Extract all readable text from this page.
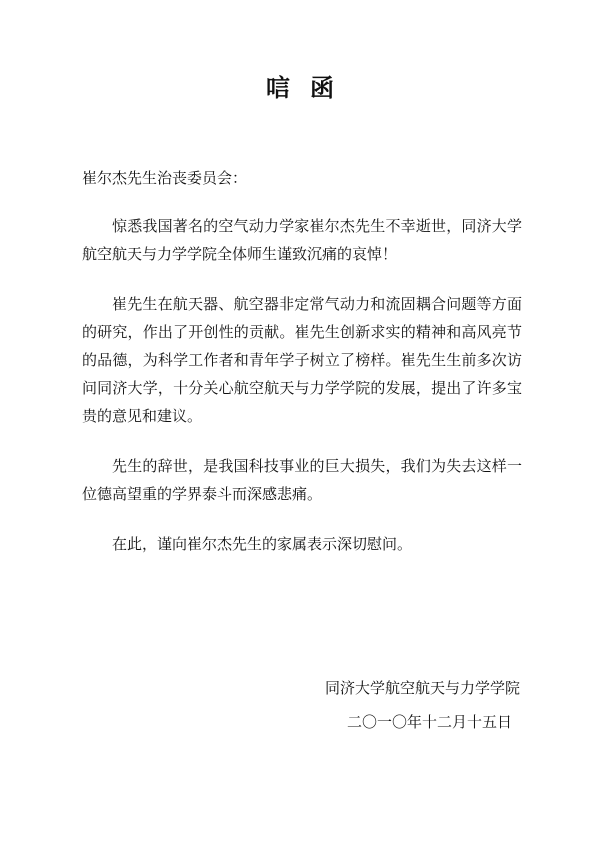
唁函
崔尔杰先生治丧委员会：

惊悉我国著名的空气动力学家崔尔杰先生不幸逝世，同济大学航空航天与力学学院全体师生谨致沉痛的哀悼！

崔先生在航天器、航空器非定常气动力和流固耦合问题等方面的研究，作出了开创性的贡献。崔先生创新求实的精神和高风亮节的品德，为科学工作者和青年学子树立了榜样。崔先生生前多次访问同济大学，十分关心航空航天与力学学院的发展，提出了许多宝贵的意见和建议。

先生的辞世，是我国科技事业的巨大损失，我们为失去这样一位德高望重的学界泰斗而深感悲痛。

在此，谨向崔尔杰先生的家属表示深切慰问。

同济大学航空航天与力学学院
二〇一〇年十二月十五日
